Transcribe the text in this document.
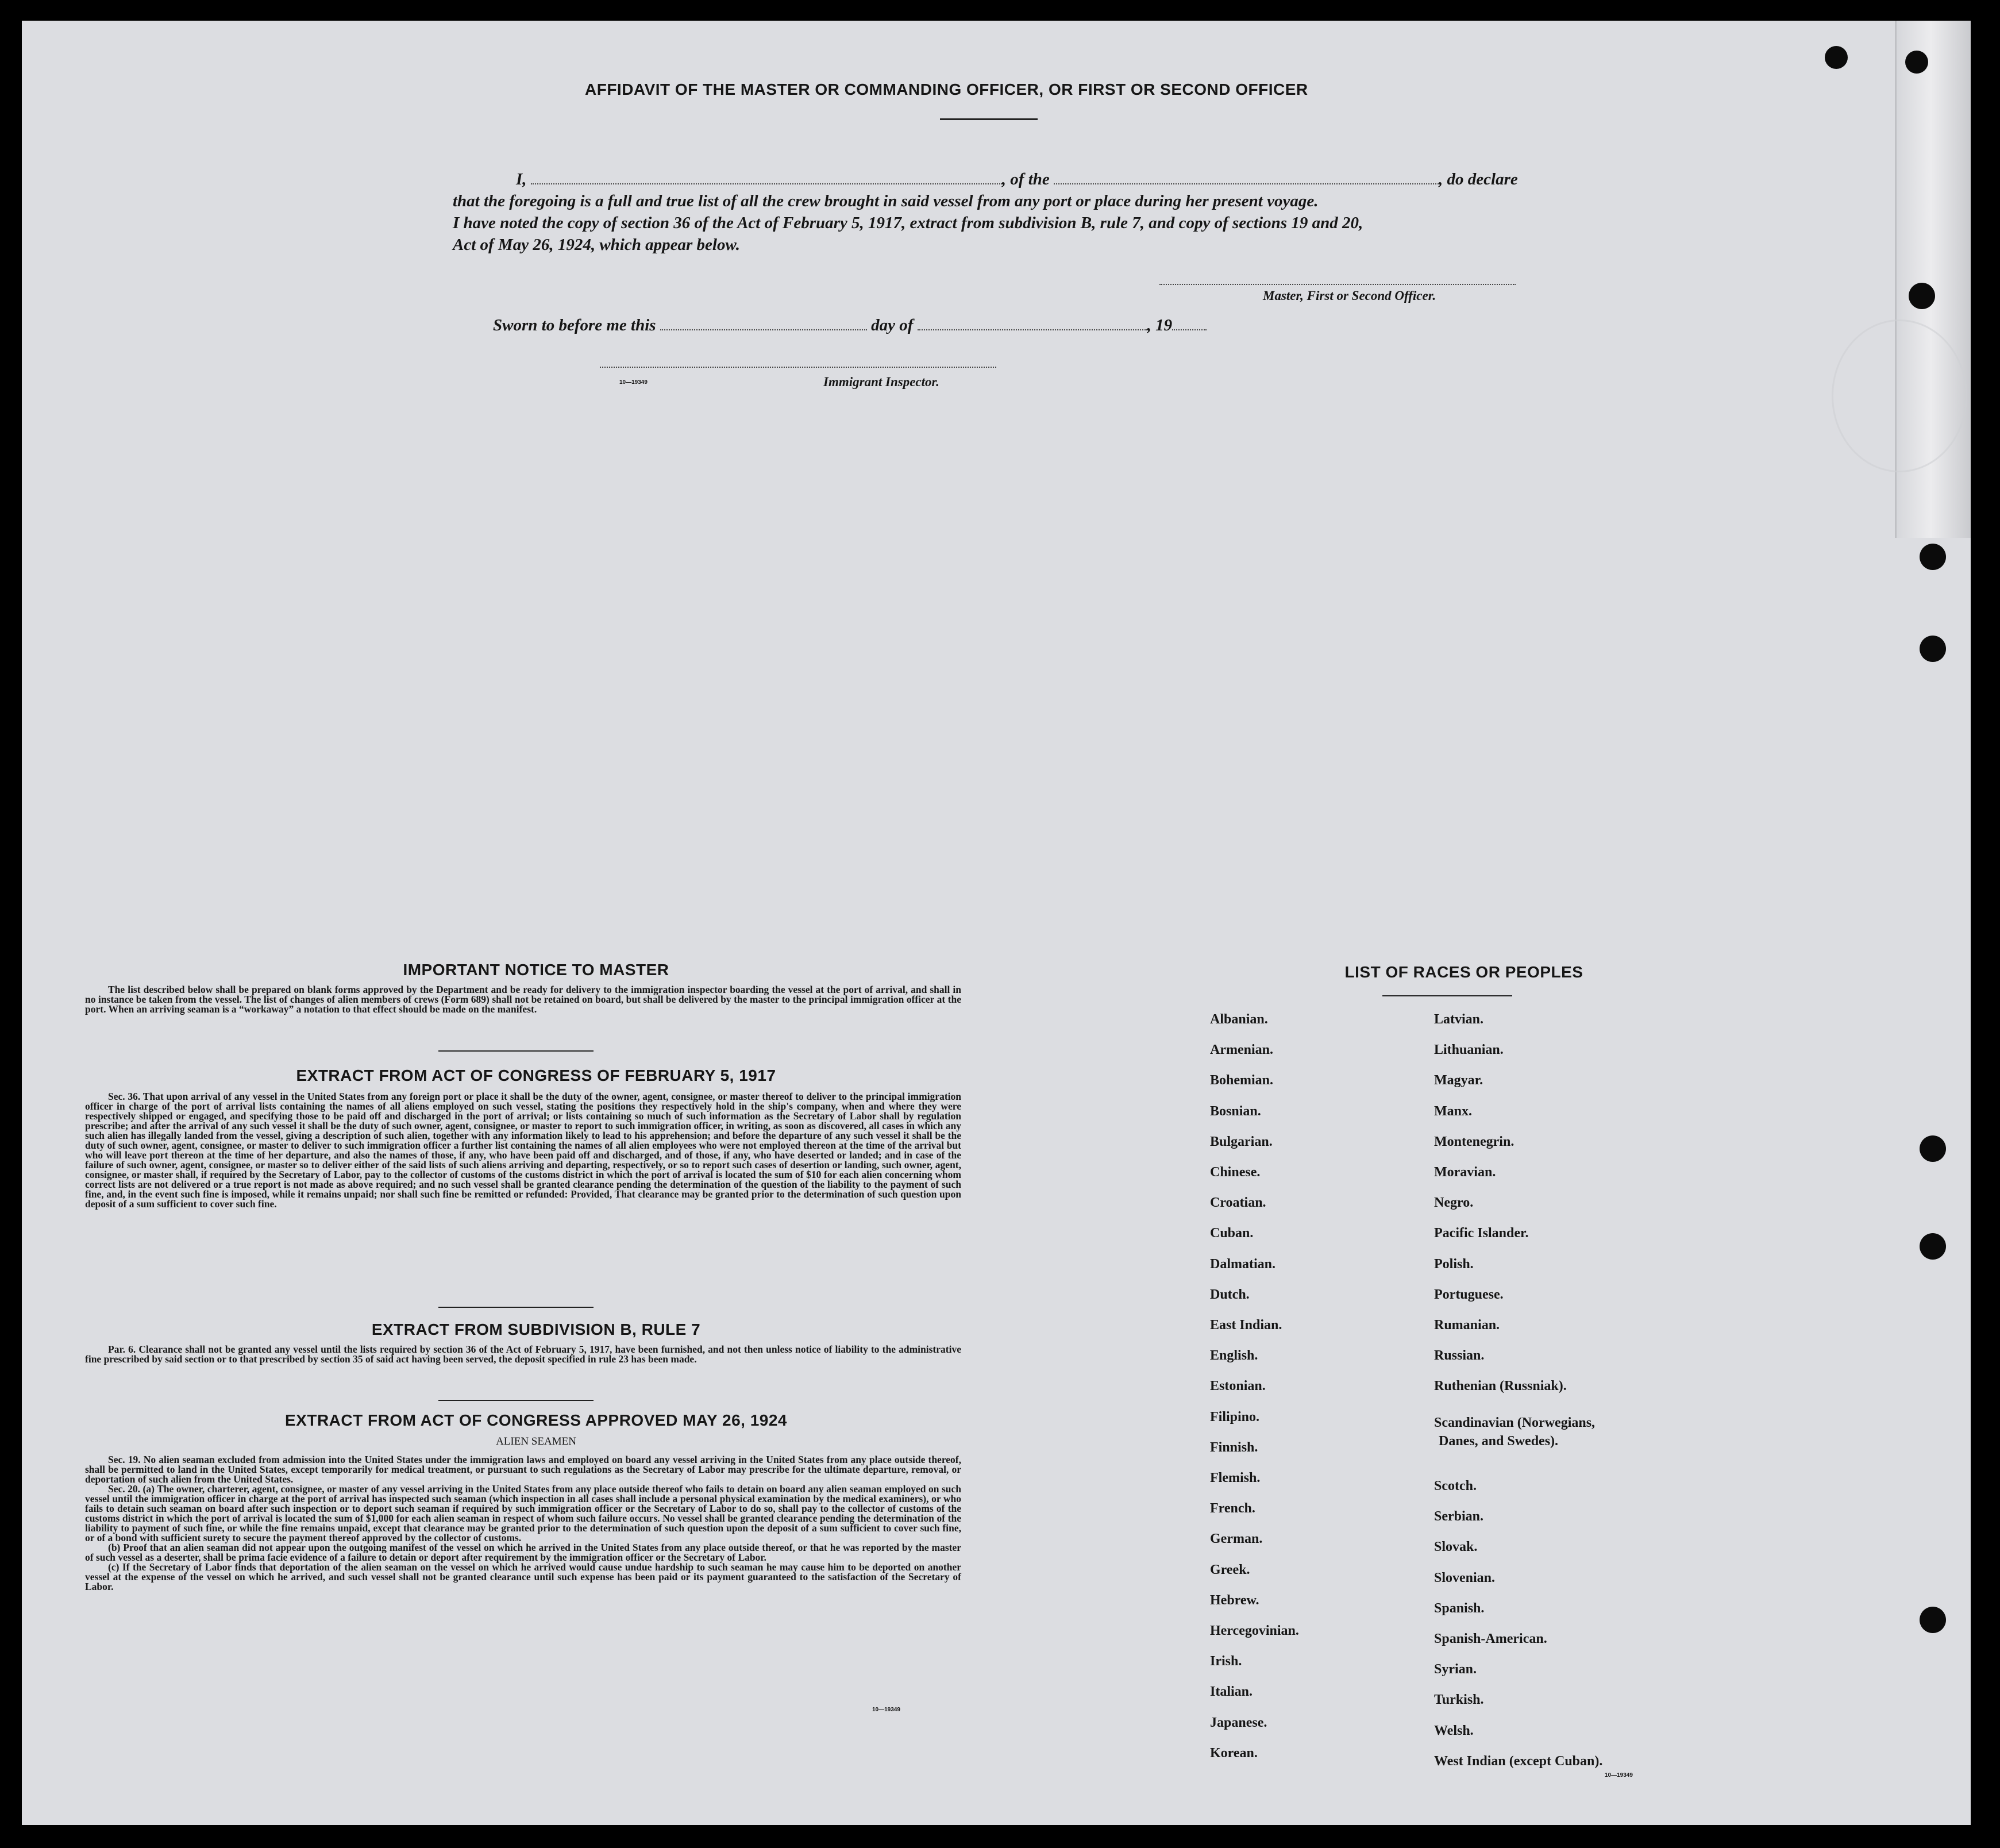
AFFIDAVIT OF THE MASTER OR COMMANDING OFFICER, OR FIRST OR SECOND OFFICER
I,	, of the	, do declare
that the foregoing is a full and true list of all the crew brought in said vessel from any port or place during her present voyage.
I have noted the copy of section 36 of the Act of February 5, 1917, extract from subdivision B, rule 7, and copy of sections 19 and 20,
Act of May 26, 1924, which appear below.
Master, First or Second Officer.
Sworn to before me this	day of	, 19
10—19349	Immigrant Inspector.
IMPORTANT NOTICE TO MASTER

The list described below shall be prepared on blank forms approved by the Department and be ready for delivery to the immigration inspector boarding the vessel at the port of arrival, and shall in no instance be taken from the vessel. The list of changes of alien members of crews (Form 689) shall not be retained on board, but shall be delivered by the master to the principal immigration officer at the port. When an arriving seaman is a “workaway” a notation to that effect should be made on the manifest.

EXTRACT FROM ACT OF CONGRESS OF FEBRUARY 5, 1917

Sec. 36. That upon arrival of any vessel in the United States from any foreign port or place it shall be the duty of the owner, agent, consignee, or master thereof to deliver to the principal immigration officer in charge of the port of arrival lists containing the names of all aliens employed on such vessel, stating the positions they respectively hold in the ship's company, when and where they were respectively shipped or engaged, and specifying those to be paid off and discharged in the port of arrival; or lists containing so much of such information as the Secretary of Labor shall by regulation prescribe; and after the arrival of any such vessel it shall be the duty of such owner, agent, consignee, or master to report to such immigration officer, in writing, as soon as discovered, all cases in which any such alien has illegally landed from the vessel, giving a description of such alien, together with any information likely to lead to his apprehension; and before the departure of any such vessel it shall be the duty of such owner, agent, consignee, or master to deliver to such immigration officer a further list containing the names of all alien employees who were not employed thereon at the time of the arrival but who will leave port thereon at the time of her departure, and also the names of those, if any, who have been paid off and discharged, and of those, if any, who have deserted or landed; and in case of the failure of such owner, agent, consignee, or master so to deliver either of the said lists of such aliens arriving and departing, respectively, or so to report such cases of desertion or landing, such owner, agent, consignee, or master shall, if required by the Secretary of Labor, pay to the collector of customs of the customs district in which the port of arrival is located the sum of $10 for each alien concerning whom correct lists are not delivered or a true report is not made as above required; and no such vessel shall be granted clearance pending the determination of the question of the liability to the payment of such fine, and, in the event such fine is imposed, while it remains unpaid; nor shall such fine be remitted or refunded: Provided, That clearance may be granted prior to the determination of such question upon deposit of a sum sufficient to cover such fine.

EXTRACT FROM SUBDIVISION B, RULE 7

Par. 6. Clearance shall not be granted any vessel until the lists required by section 36 of the Act of February 5, 1917, have been furnished, and not then unless notice of liability to the administrative fine prescribed by said section or to that prescribed by section 35 of said act having been served, the deposit specified in rule 23 has been made.

EXTRACT FROM ACT OF CONGRESS APPROVED MAY 26, 1924
ALIEN SEAMEN

Sec. 19. No alien seaman excluded from admission into the United States under the immigration laws and employed on board any vessel arriving in the United States from any place outside thereof, shall be permitted to land in the United States, except temporarily for medical treatment, or pursuant to such regulations as the Secretary of Labor may prescribe for the ultimate departure, removal, or deportation of such alien from the United States.

Sec. 20. (a) The owner, charterer, agent, consignee, or master of any vessel arriving in the United States from any place outside thereof who fails to detain on board any alien seaman employed on such vessel until the immigration officer in charge at the port of arrival has inspected such seaman (which inspection in all cases shall include a personal physical examination by the medical examiners), or who fails to detain such seaman on board after such inspection or to deport such seaman if required by such immigration officer or the Secretary of Labor to do so, shall pay to the collector of customs of the customs district in which the port of arrival is located the sum of $1,000 for each alien seaman in respect of whom such failure occurs. No vessel shall be granted clearance pending the determination of the liability to payment of such fine, or while the fine remains unpaid, except that clearance may be granted prior to the determination of such question upon the deposit of a sum sufficient to cover such fine, or of a bond with sufficient surety to secure the payment thereof approved by the collector of customs.

(b) Proof that an alien seaman did not appear upon the outgoing manifest of the vessel on which he arrived in the United States from any place outside thereof, or that he was reported by the master of such vessel as a deserter, shall be prima facie evidence of a failure to detain or deport after requirement by the immigration officer or the Secretary of Labor.

(c) If the Secretary of Labor finds that deportation of the alien seaman on the vessel on which he arrived would cause undue hardship to such seaman he may cause him to be deported on another vessel at the expense of the vessel on which he arrived, and such vessel shall not be granted clearance until such expense has been paid or its payment guaranteed to the satisfaction of the Secretary of Labor.

10—19349
LIST OF RACES OR PEOPLES
10—19349
Albanian.
Armenian.
Bohemian.
Bosnian.
Bulgarian.
Chinese.
Croatian.
Cuban.
Dalmatian.
Dutch.
East Indian.
English.
Estonian.
Filipino.
Finnish.
Flemish.
French.
German.
Greek.
Hebrew.
Hercegovinian.
Irish.
Italian.
Japanese.
Korean.
Latvian.
Lithuanian.
Magyar.
Manx.
Montenegrin.
Moravian.
Negro.
Pacific Islander.
Polish.
Portuguese.
Rumanian.
Russian.
Ruthenian (Russniak).
Scandinavian (Norwegians,
Danes, and Swedes).
Scotch.
Serbian.
Slovak.
Slovenian.
Spanish.
Spanish-American.
Syrian.
Turkish.
Welsh.
West Indian (except Cuban).
